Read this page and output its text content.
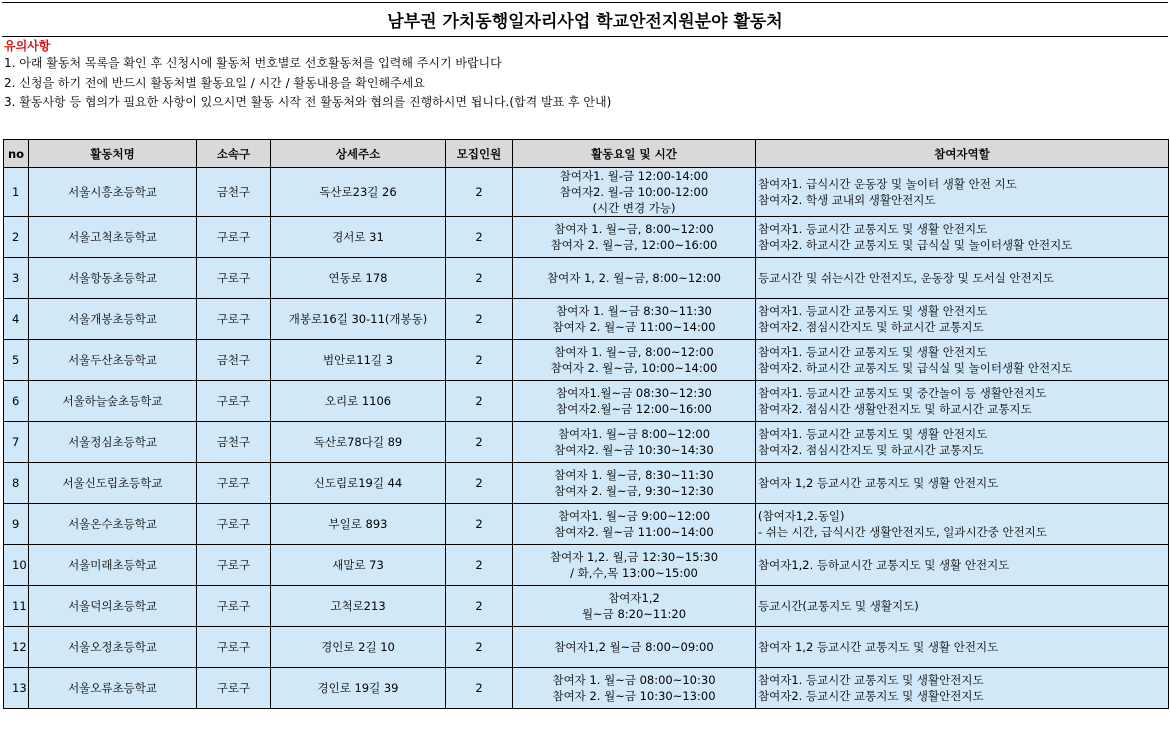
남부권 가치동행일자리사업 학교안전지원분야 활동처
유의사항
1. 아래 활동처 목록을 확인 후 신청시에 활동처 번호별로 선호활동처를 입력해 주시기 바랍니다
2. 신청을 하기 전에 반드시 활동처별 활동요일 / 시간 / 활동내용을 확인해주세요
3. 활동사항 등 협의가 필요한 사항이 있으시면 활동 시작 전 활동처와 협의를 진행하시면 됩니다.(합격 발표 후 안내)
no	활동처명	소속구	상세주소	모집인원	활동요일 및 시간	참여자역할
1	서울시흥초등학교	금천구	독산로23길 26	2	참여자1. 월-금 12:00-14:00
참여자2. 월-금 10:00-12:00
(시간 변경 가능)	참여자1. 급식시간 운동장 및 놀이터 생활 안전 지도
참여자2. 학생 교내외 생활안전지도

2	서울고척초등학교	구로구	경서로 31	2	참여자 1. 월~금, 8:00~12:00
참여자 2. 월~금, 12:00~16:00	참여자1. 등교시간 교통지도 및 생활 안전지도
참여자2. 하교시간 교통지도 및 급식실 및 놀이터생활 안전지도

3	서울항동초등학교	구로구	연동로 178	2	참여자 1, 2. 월~금, 8:00~12:00	등교시간 및 쉬는시간 안전지도, 운동장 및 도서실 안전지도

4	서울개봉초등학교	구로구	개봉로16길 30-11(개봉동)	2	참여자 1. 월~금 8:30~11:30
참여자 2. 월~금 11:00~14:00	참여자1. 등교시간 교통지도 및 생활 안전지도
참여자2. 점심시간지도 및 하교시간 교통지도

5	서울두산초등학교	금천구	범안로11길 3	2	참여자 1. 월~금, 8:00~12:00
참여자 2. 월~금, 10:00~14:00	참여자1. 등교시간 교통지도 및 생활 안전지도
참여자2. 하교시간 교통지도 및 급식실 및 놀이터생활 안전지도

6	서울하늘숲초등학교	구로구	오리로 1106	2	참여자1.월~금 08:30~12:30
참여자2.월~금 12:00~16:00	참여자1. 등교시간 교통지도 및 중간놀이 등 생활안전지도
참여자2. 점심시간 생활안전지도 및 하교시간 교통지도

7	서울정심초등학교	금천구	독산로78다길 89	2	참여자1. 월~금 8:00~12:00
참여자2. 월~금 10:30~14:30	참여자1. 등교시간 교통지도 및 생활 안전지도
참여자2. 점심시간지도 및 하교시간 교통지도

8	서울신도림초등학교	구로구	신도림로19길 44	2	참여자 1. 월~금, 8:30~11:30
참여자 2. 월~금, 9:30~12:30	참여자 1,2 등교시간 교통지도 및 생활 안전지도

9	서울온수초등학교	구로구	부일로 893	2	참여자1. 월~금 9:00~12:00
참여자2. 월~금 11:00~14:00	(참여자1,2.동일)
- 쉬는 시간, 급식시간 생활안전지도, 일과시간중 안전지도

10	서울미래초등학교	구로구	새말로 73	2	참여자 1,2. 월,금 12:30~15:30
/ 화,수,목 13:00~15:00	참여자1,2. 등하교시간 교통지도 및 생활 안전지도

11	서울덕의초등학교	구로구	고척로213	2	참여자1,2
월~금 8:20~11:20	등교시간(교통지도 및 생활지도)

12	서울오정초등학교	구로구	경인로 2길 10	2	참여자1,2 월~금 8:00~09:00	참여자 1,2 등교시간 교통지도 및 생활 안전지도

13	서울오류초등학교	구로구	경인로 19길 39	2	참여자 1. 월~금 08:00~10:30
참여자 2. 월~금 10:30~13:00	참여자1. 등교시간 교통지도 및 생활안전지도
참여자2. 등교시간 교통지도 및 생활안전지도
